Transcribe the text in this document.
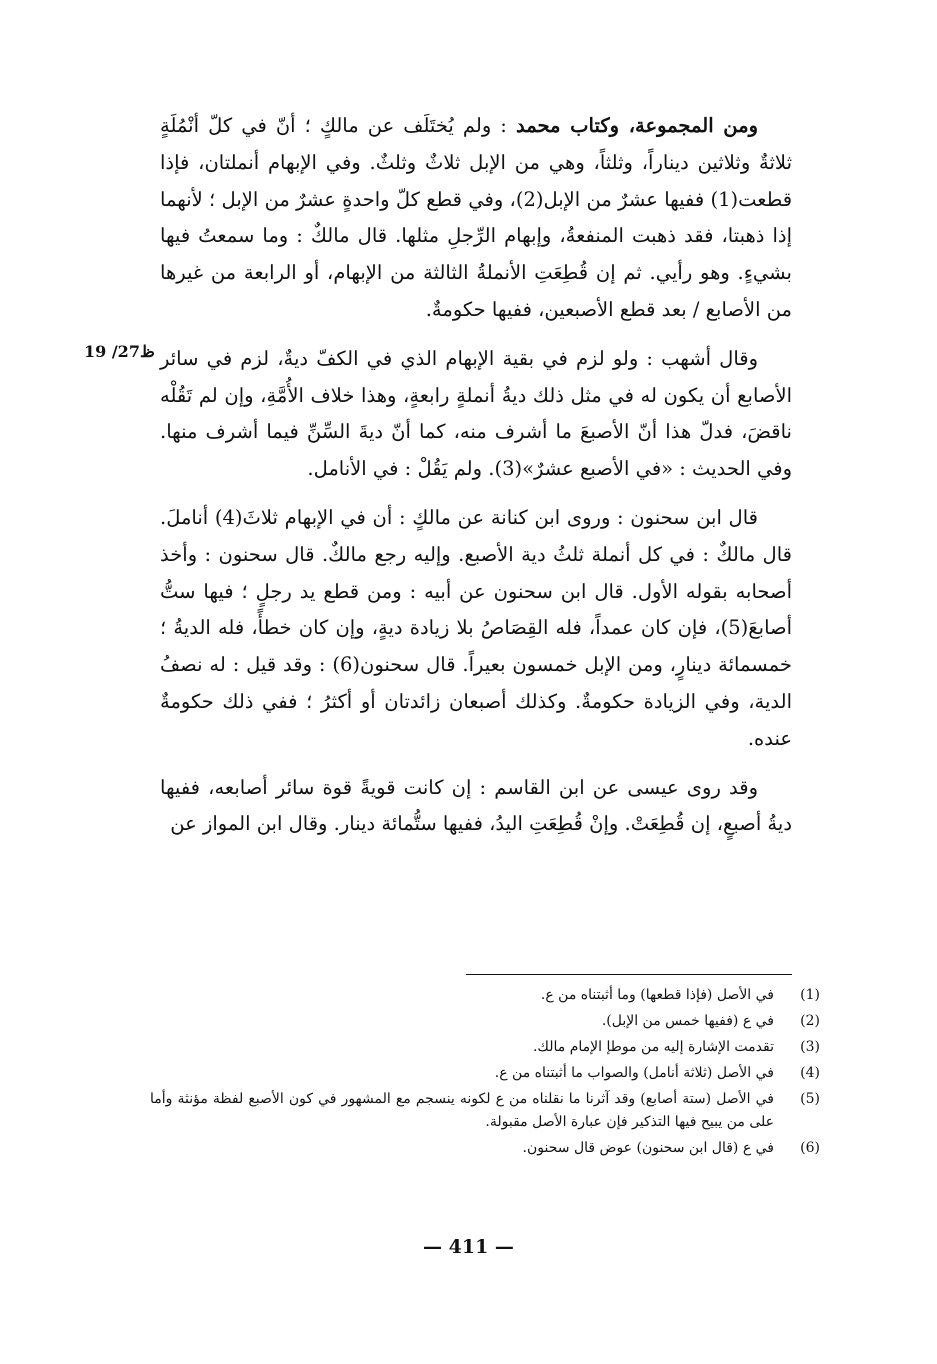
19 /27ظ

ومن المجموعة، وكتاب محمد : ولم يُختَلَف عن مالكٍ ؛ أنّ في كلّ أنْمُلَةٍ ثلاثةٌ وثلاثين ديناراً، وثلثاً، وهي من الإبل ثلاثٌ وثلثٌ. وفي الإبهام أنملتان، فإذا قطعت(1) ففيها عشرٌ من الإبل(2)، وفي قطع كلّ واحدةٍ عشرٌ من الإبل ؛ لأنهما إذا ذهبتا، فقد ذهبت المنفعةُ، وإبهام الرِّجلِ مثلها. قال مالكٌ : وما سمعتُ فيها بشيءٍ. وهو رأيي. ثم إن قُطِعَتِ الأنملةُ الثالثة من الإبهام، أو الرابعة من غيرها من الأصابع / بعد قطع الأصبعين، ففيها حكومةٌ.

وقال أشهب : ولو لزم في بقية الإبهام الذي في الكفّ ديةٌ، لزم في سائر الأصابع أن يكون له في مثل ذلك ديةُ أنملةٍ رابعةٍ، وهذا خلاف الأُمَّةِ، وإن لم تَقُلْه ناقضَ، فدلّ هذا أنّ الأصبعَ ما أشرف منه، كما أنّ ديةَ السِّنِّ فيما أشرف منها. وفي الحديث : «في الأصبع عشرٌ»(3). ولم يَقُلْ : في الأنامل.

قال ابن سحنون : وروى ابن كنانة عن مالكٍ : أن في الإبهام ثلاثَ(4) أناملَ. قال مالكٌ : في كل أنملة ثلثُ دية الأصبع. وإليه رجع مالكٌ. قال سحنون : وأخذ أصحابه بقوله الأول. قال ابن سحنون عن أبيه : ومن قطع يد رجلٍ ؛ فيها ستُّ أصابعَ(5)، فإن كان عمداً، فله القِصَاصُ بلا زيادة ديةٍ، وإن كان خطأً، فله الديةُ ؛ خمسمائة دينارٍ، ومن الإبل خمسون بعيراً. قال سحنون(6) : وقد قيل : له نصفُ الدية، وفي الزيادة حكومةٌ. وكذلك أصبعان زائدتان أو أكثرُ ؛ ففي ذلك حكومةٌ عنده.

وقد روى عيسى عن ابن القاسم : إن كانت قويةً قوة سائر أصابعه، ففيها ديةُ أصبعٍ، إن قُطِعَتْ. وإنْ قُطِعَتِ اليدُ، ففيها ستُّمائة دينار. وقال ابن المواز عن

(1)
في الأصل (فإذا قطعها) وما أثبتناه من ع.
(2)
في ع (ففيها خمس من الإبل).
(3)
تقدمت الإشارة إليه من موطإ الإمام مالك.
(4)
في الأصل (ثلاثة أنامل) والصواب ما أثبتناه من ع.
(5)
في الأصل (ستة أصابع) وقد آثرنا ما نقلناه من ع لكونه ينسجم مع المشهور في كون الأصبع لفظة مؤنثة وأما على من يبيح فيها التذكير فإن عبارة الأصل مقبولة.
(6)
في ع (قال ابن سحنون) عوض قال سحنون.
— 411 —
